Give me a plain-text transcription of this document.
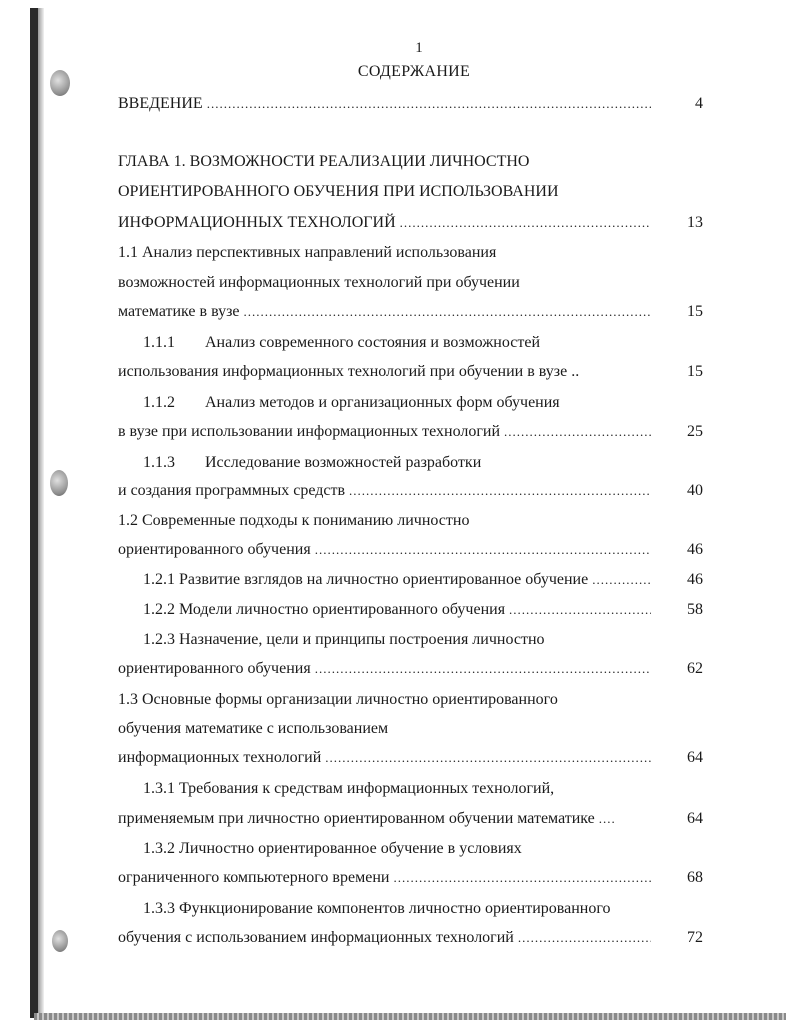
1
СОДЕРЖАНИЕ
ВВЕДЕНИЕ .....	4
ГЛАВА 1. ВОЗМОЖНОСТИ РЕАЛИЗАЦИИ ЛИЧНОСТНО
ОРИЕНТИРОВАННОГО ОБУЧЕНИЯ ПРИ ИСПОЛЬЗОВАНИИ
ИНФОРМАЦИОННЫХ ТЕХНОЛОГИЙ .....	13
1.1 Анализ перспективных направлений использования
возможностей информационных технологий при обучении
математике в вузе .....	15
1.1.1 Анализ современного состояния и возможностей
использования информационных технологий при обучении в вузе ..	15
1.1.2 Анализ методов и организационных форм обучения
в вузе при использовании информационных технологий .....	25
1.1.3 Исследование возможностей разработки
и создания программных средств .....	40
1.2 Современные подходы к пониманию личностно
ориентированного обучения .....	46
1.2.1 Развитие взглядов на личностно ориентированное обучение .....	46
1.2.2 Модели личностно ориентированного обучения .....	58
1.2.3 Назначение, цели и принципы построения личностно
ориентированного обучения .....	62
1.3 Основные формы организации личностно ориентированного
обучения математике с использованием
информационных технологий .....	64
1.3.1 Требования к средствам информационных технологий,
применяемым при личностно ориентированном обучении математике .....	64
1.3.2 Личностно ориентированное обучение в условиях
ограниченного компьютерного времени .....	68
1.3.3 Функционирование компонентов личностно ориентированного
обучения с использованием информационных технологий .....	72
